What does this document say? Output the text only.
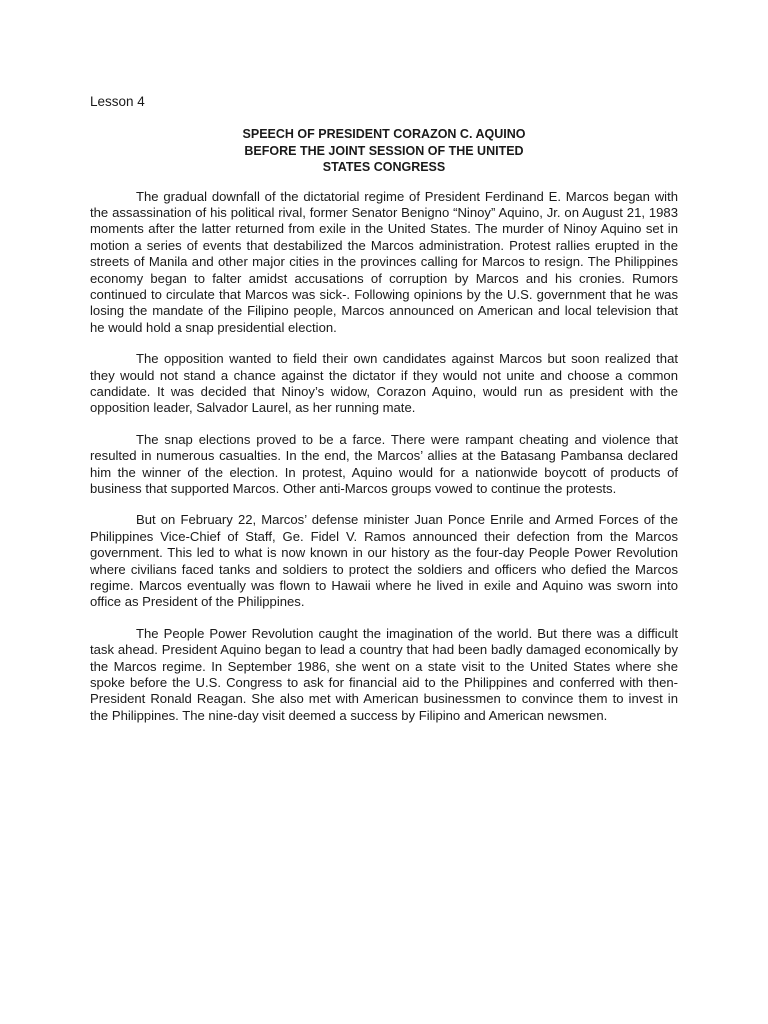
Lesson 4
SPEECH OF PRESIDENT CORAZON C. AQUINO
BEFORE THE JOINT SESSION OF THE UNITED
STATES CONGRESS

The gradual downfall of the dictatorial regime of President Ferdinand E. Marcos began with the assassination of his political rival, former Senator Benigno “Ninoy” Aquino, Jr. on August 21, 1983 moments after the latter returned from exile in the United States. The murder of Ninoy Aquino set in motion a series of events that destabilized the Marcos administration. Protest rallies erupted in the streets of Manila and other major cities in the provinces calling for Marcos to resign. The Philippines economy began to falter amidst accusations of corruption by Marcos and his cronies. Rumors continued to circulate that Marcos was sick-. Following opinions by the U.S. government that he was losing the mandate of the Filipino people, Marcos announced on American and local television that he would hold a snap presidential election.

The opposition wanted to field their own candidates against Marcos but soon realized that they would not stand a chance against the dictator if they would not unite and choose a common candidate. It was decided that Ninoy’s widow, Corazon Aquino, would run as president with the opposition leader, Salvador Laurel, as her running mate.

The snap elections proved to be a farce. There were rampant cheating and violence that resulted in numerous casualties. In the end, the Marcos’ allies at the Batasang Pambansa declared him the winner of the election. In protest, Aquino would for a nationwide boycott of products of business that supported Marcos. Other anti-Marcos groups vowed to continue the protests.

But on February 22, Marcos’ defense minister Juan Ponce Enrile and Armed Forces of the Philippines Vice-Chief of Staff, Ge. Fidel V. Ramos announced their defection from the Marcos government. This led to what is now known in our history as the four-day People Power Revolution where civilians faced tanks and soldiers to protect the soldiers and officers who defied the Marcos regime. Marcos eventually was flown to Hawaii where he lived in exile and Aquino was sworn into office as President of the Philippines.

The People Power Revolution caught the imagination of the world. But there was a difficult task ahead. President Aquino began to lead a country that had been badly damaged economically by the Marcos regime. In September 1986, she went on a state visit to the United States where she spoke before the U.S. Congress to ask for financial aid to the Philippines and conferred with then-President Ronald Reagan. She also met with American businessmen to convince them to invest in the Philippines. The nine-day visit deemed a success by Filipino and American newsmen.
